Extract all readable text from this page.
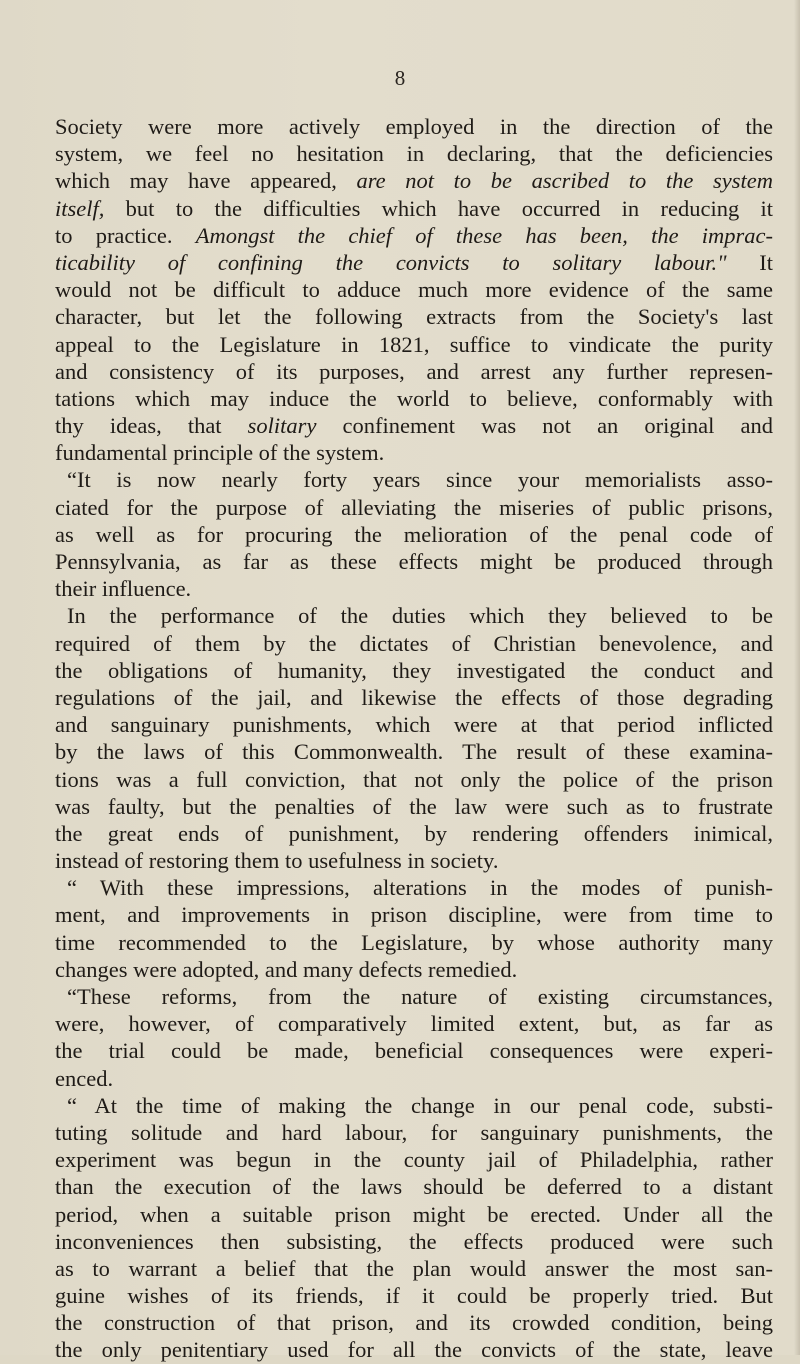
8
Society were more actively employed in the direction of the
system, we feel no hesitation in declaring, that the deficiencies
which may have appeared, are not to be ascribed to the system
itself, but to the difficulties which have occurred in reducing it
to practice. Amongst the chief of these has been, the imprac-
ticability of confining the convicts to solitary labour." It
would not be difficult to adduce much more evidence of the same
character, but let the following extracts from the Society's last
appeal to the Legislature in 1821, suffice to vindicate the purity
and consistency of its purposes, and arrest any further represen-
tations which may induce the world to believe, conformably with
thy ideas, that solitary confinement was not an original and
fundamental principle of the system.
“It is now nearly forty years since your memorialists asso-
ciated for the purpose of alleviating the miseries of public prisons,
as well as for procuring the melioration of the penal code of
Pennsylvania, as far as these effects might be produced through
their influence.
In the performance of the duties which they believed to be
required of them by the dictates of Christian benevolence, and
the obligations of humanity, they investigated the conduct and
regulations of the jail, and likewise the effects of those degrading
and sanguinary punishments, which were at that period inflicted
by the laws of this Commonwealth. The result of these examina-
tions was a full conviction, that not only the police of the prison
was faulty, but the penalties of the law were such as to frustrate
the great ends of punishment, by rendering offenders inimical,
instead of restoring them to usefulness in society.
“ With these impressions, alterations in the modes of punish-
ment, and improvements in prison discipline, were from time to
time recommended to the Legislature, by whose authority many
changes were adopted, and many defects remedied.
“These reforms, from the nature of existing circumstances,
were, however, of comparatively limited extent, but, as far as
the trial could be made, beneficial consequences were experi-
enced.
“ At the time of making the change in our penal code, substi-
tuting solitude and hard labour, for sanguinary punishments, the
experiment was begun in the county jail of Philadelphia, rather
than the execution of the laws should be deferred to a distant
period, when a suitable prison might be erected. Under all the
inconveniences then subsisting, the effects produced were such
as to warrant a belief that the plan would answer the most san-
guine wishes of its friends, if it could be properly tried. But
the construction of that prison, and its crowded condition, being
the only penitentiary used for all the convicts of the state, leave
